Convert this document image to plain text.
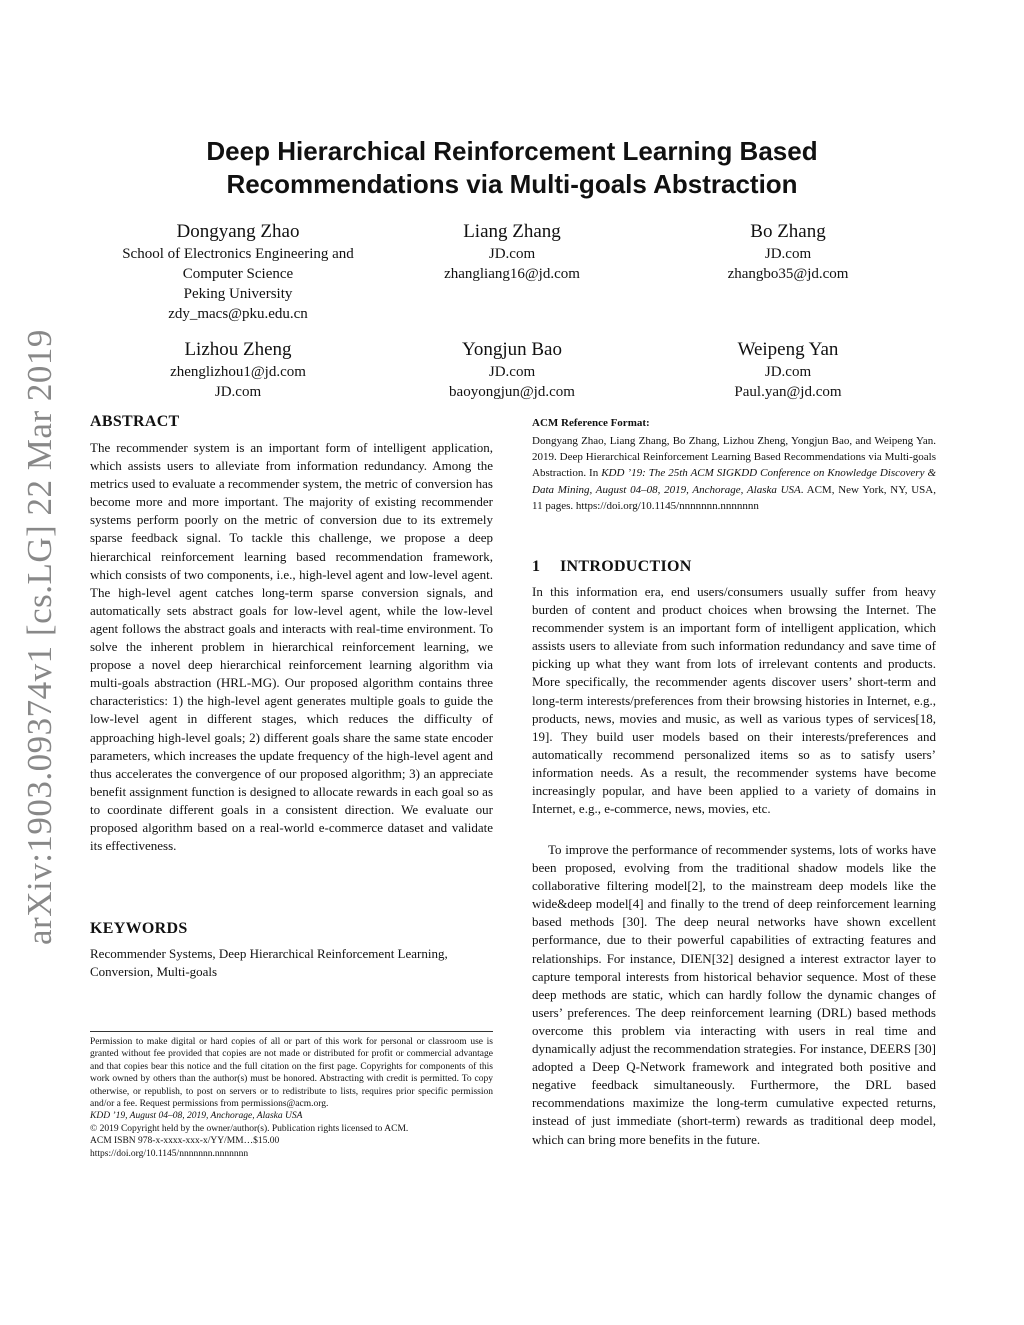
Deep Hierarchical Reinforcement Learning Based
Recommendations via Multi-goals Abstraction
Dongyang Zhao
School of Electronics Engineering and
Computer Science
Peking University
zdy_macs@pku.edu.cn
Liang Zhang
JD.com
zhangliang16@jd.com
Bo Zhang
JD.com
zhangbo35@jd.com
Lizhou Zheng
zhenglizhou1@jd.com
JD.com
Yongjun Bao
JD.com
baoyongjun@jd.com
Weipeng Yan
JD.com
Paul.yan@jd.com
arXiv:1903.09374v1 [cs.LG] 22 Mar 2019 ABSTRACT

The recommender system is an important form of intelligent application, which assists users to alleviate from information redundancy. Among the metrics used to evaluate a recommender system, the metric of conversion has become more and more important. The majority of existing recommender systems perform poorly on the metric of conversion due to its extremely sparse feedback signal. To tackle this challenge, we propose a deep hierarchical reinforcement learning based recommendation framework, which consists of two components, i.e., high-level agent and low-level agent. The high-level agent catches long-term sparse conversion signals, and automatically sets abstract goals for low-level agent, while the low-level agent follows the abstract goals and interacts with real-time environment. To solve the inherent problem in hierarchical reinforcement learning, we propose a novel deep hierarchical reinforcement learning algorithm via multi-goals abstraction (HRL-MG). Our proposed algorithm contains three characteristics: 1) the high-level agent generates multiple goals to guide the low-level agent in different stages, which reduces the difficulty of approaching high-level goals; 2) different goals share the same state encoder parameters, which increases the update frequency of the high-level agent and thus accelerates the convergence of our proposed algorithm; 3) an appreciate benefit assignment function is designed to allocate rewards in each goal so as to coordinate different goals in a consistent direction. We evaluate our proposed algorithm based on a real-world e-commerce dataset and validate its effectiveness.

KEYWORDS

Recommender Systems, Deep Hierarchical Reinforcement Learning, Conversion, Multi-goals

Permission to make digital or hard copies of all or part of this work for personal or classroom use is granted without fee provided that copies are not made or distributed for profit or commercial advantage and that copies bear this notice and the full citation on the first page. Copyrights for components of this work owned by others than the author(s) must be honored. Abstracting with credit is permitted. To copy otherwise, or republish, to post on servers or to redistribute to lists, requires prior specific permission and/or a fee. Request permissions from permissions@acm.org.
KDD ’19, August 04–08, 2019, Anchorage, Alaska USA
© 2019 Copyright held by the owner/author(s). Publication rights licensed to ACM.
ACM ISBN 978-x-xxxx-xxx-x/YY/MM…$15.00
https://doi.org/10.1145/nnnnnnn.nnnnnnn
ACM Reference Format:

Dongyang Zhao, Liang Zhang, Bo Zhang, Lizhou Zheng, Yongjun Bao, and Weipeng Yan. 2019. Deep Hierarchical Reinforcement Learning Based Recommendations via Multi-goals Abstraction. In KDD ’19: The 25th ACM SIGKDD Conference on Knowledge Discovery & Data Mining, August 04–08, 2019, Anchorage, Alaska USA. ACM, New York, NY, USA, 11 pages. https://doi.org/10.1145/nnnnnnn.nnnnnnn

1 INTRODUCTION

In this information era, end users/consumers usually suffer from heavy burden of content and product choices when browsing the Internet. The recommender system is an important form of intelligent application, which assists users to alleviate from such information redundancy and save time of picking up what they want from lots of irrelevant contents and products. More specifically, the recommender agents discover users’ short-term and long-term interests/preferences from their browsing histories in Internet, e.g., products, news, movies and music, as well as various types of services[18, 19]. They build user models based on their interests/preferences and automatically recommend personalized items so as to satisfy users’ information needs. As a result, the recommender systems have become increasingly popular, and have been applied to a variety of domains in Internet, e.g., e-commerce, news, movies, etc.

To improve the performance of recommender systems, lots of works have been proposed, evolving from the traditional shadow models like the collaborative filtering model[2], to the mainstream deep models like the wide&deep model[4] and finally to the trend of deep reinforcement learning based methods [30]. The deep neural networks have shown excellent performance, due to their powerful capabilities of extracting features and relationships. For instance, DIEN[32] designed a interest extractor layer to capture temporal interests from historical behavior sequence. Most of these deep methods are static, which can hardly follow the dynamic changes of users’ preferences. The deep reinforcement learning (DRL) based methods overcome this problem via interacting with users in real time and dynamically adjust the recommendation strategies. For instance, DEERS [30] adopted a Deep Q-Network framework and integrated both positive and negative feedback simultaneously. Furthermore, the DRL based recommendations maximize the long-term cumulative expected returns, instead of just immediate (short-term) rewards as traditional deep model, which can bring more benefits in the future.
